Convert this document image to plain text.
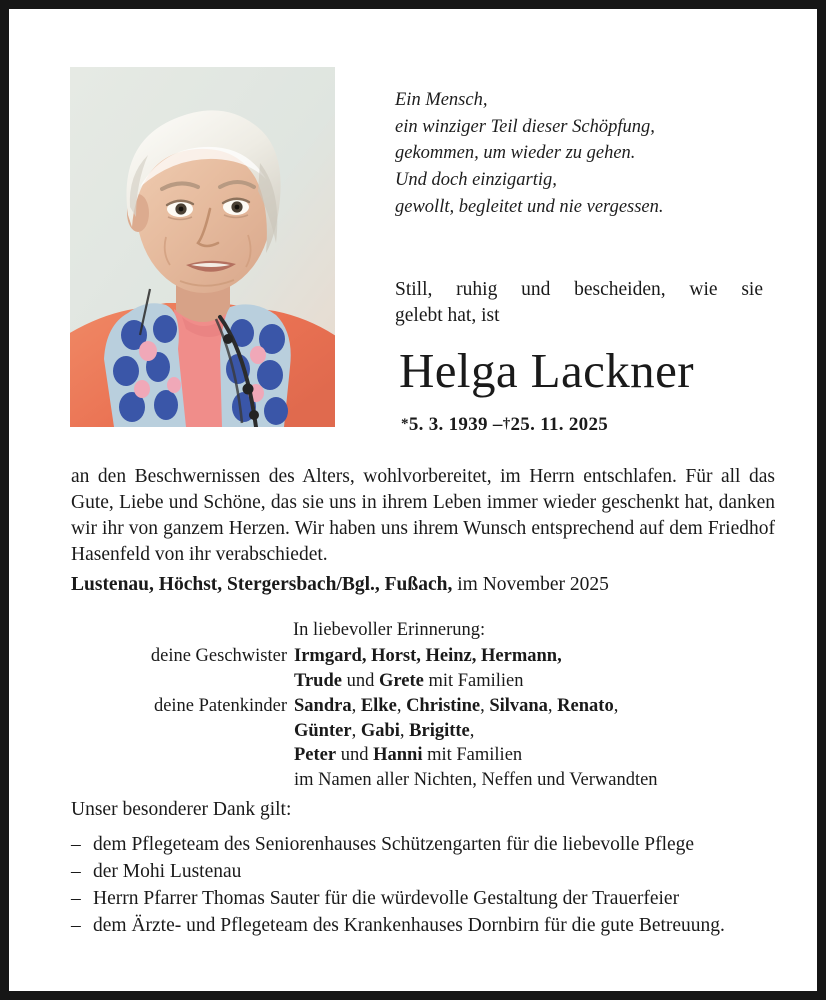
Ein Mensch,
ein winziger Teil dieser Schöpfung,
gekommen, um wieder zu gehen.
Und doch einzigartig,
gewollt, begleitet und nie vergessen.
Still, ruhig und bescheiden, wie sie
gelebt hat, ist
Helga Lackner
*5. 3. 1939 –†25. 11. 2025
an den Beschwernissen des Alters, wohlvorbereitet, im Herrn entschlafen. Für all das Gute, Liebe und Schöne, das sie uns in ihrem Leben immer wieder geschenkt hat, danken wir ihr von ganzem Herzen. Wir haben uns ihrem Wunsch entsprechend auf dem Friedhof Hasenfeld von ihr verabschiedet.
Lustenau, Höchst, Stergersbach/Bgl., Fußach, im November 2025
In liebevoller Erinnerung:
deine Geschwister Irmgard, Horst, Heinz, Hermann,
Trude und Grete mit Familien
deine Patenkinder Sandra, Elke, Christine, Silvana, Renato,
Günter, Gabi, Brigitte,
Peter und Hanni mit Familien
im Namen aller Nichten, Neffen und Verwandten
Unser besonderer Dank gilt:
– dem Pflegeteam des Seniorenhauses Schützengarten für die liebevolle Pflege
– der Mohi Lustenau
– Herrn Pfarrer Thomas Sauter für die würdevolle Gestaltung der Trauerfeier
– dem Ärzte- und Pflegeteam des Krankenhauses Dornbirn für die gute Betreuung.
